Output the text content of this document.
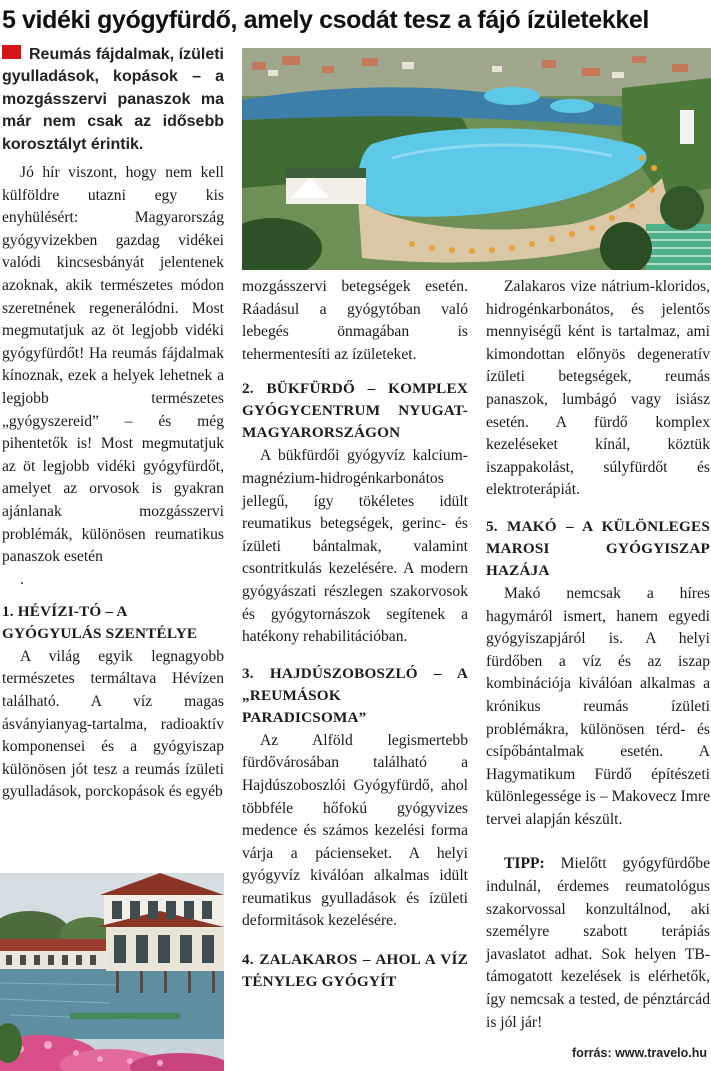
5 vidéki gyógyfürdő, amely csodát tesz a fájó ízületekkel

Reumás fájdalmak, ízületi gyulladások, kopások – a mozgásszervi panaszok ma már nem csak az idősebb korosztályt érintik.

Jó hír viszont, hogy nem kell külföldre utazni egy kis enyhülésért: Magyarország gyógyvizekben gazdag vidékei valódi kincsesbányát jelentenek azoknak, akik természetes módon szeretnének regenerálódni. Most megmutatjuk az öt legjobb vidéki gyógyfürdőt! Ha reumás fájdalmak kínoznak, ezek a helyek lehetnek a legjobb természetes „gyógyszereid” – és még pihentetők is! Most megmutatjuk az öt legjobb vidéki gyógyfürdőt, amelyet az orvosok is gyakran ajánlanak mozgásszervi problémák, különösen reumatikus panaszok esetén

.

1. HÉVÍZI-TÓ – A GYÓGYULÁS SZENTÉLYE

A világ egyik legnagyobb természetes termáltava Hévízen található. A víz magas ásványianyag-tartalma, radioaktív komponensei és a gyógyiszap különösen jót tesz a reumás ízületi gyulladások, porckopások és egyéb

mozgásszervi betegségek esetén. Ráadásul a gyógytóban való lebegés önmagában is tehermentesíti az ízületeket.

2. BÜKFÜRDŐ – KOMPLEX GYÓGYCENTRUM NYUGAT-MAGYARORSZÁGON

A bükfürdői gyógyvíz kalcium-magnézium-hidrogénkarbonátos jellegű, így tökéletes idült reumatikus betegségek, gerinc- és ízületi bántalmak, valamint csontritkulás kezelésére. A modern gyógyászati részlegen szakorvosok és gyógytornászok segítenek a hatékony rehabilitációban.

3. HAJDÚSZOBOSZLÓ – A „REUMÁSOK PARADICSOMA”

Az Alföld legismertebb fürdővárosában található a Hajdúszoboszlói Gyógyfürdő, ahol többféle hőfokú gyógyvizes medence és számos kezelési forma várja a pácienseket. A helyi gyógyvíz kiválóan alkalmas idült reumatikus gyulladások és ízületi deformitások kezelésére.

4. ZALAKAROS – AHOL A VÍZ TÉNYLEG GYÓGYÍT

Zalakaros vize nátrium-kloridos, hidrogénkarbonátos, és jelentős mennyiségű ként is tartalmaz, ami kimondottan előnyös degeneratív ízületi betegségek, reumás panaszok, lumbágó vagy isiász esetén. A fürdő komplex kezeléseket kínál, köztük iszappakolást, súlyfürdőt és elektroterápiát.

5. MAKÓ – A KÜLÖNLEGES MAROSI GYÓGYISZAP HAZÁJA

Makó nemcsak a híres hagymáról ismert, hanem egyedi gyógyiszapjáról is. A helyi fürdőben a víz és az iszap kombinációja kiválóan alkalmas a krónikus reumás ízületi problémákra, különösen térd- és csípőbántalmak esetén. A Hagymatikum Fürdő építészeti különlegessége is – Makovecz Imre tervei alapján készült.

TIPP: Mielőtt gyógyfürdőbe indulnál, érdemes reumatológus szakorvossal konzultálnod, aki személyre szabott terápiás javaslatot adhat. Sok helyen TB-támogatott kezelések is elérhetők, így nemcsak a tested, de pénztárcád is jól jár!

forrás: www.travelo.hu
